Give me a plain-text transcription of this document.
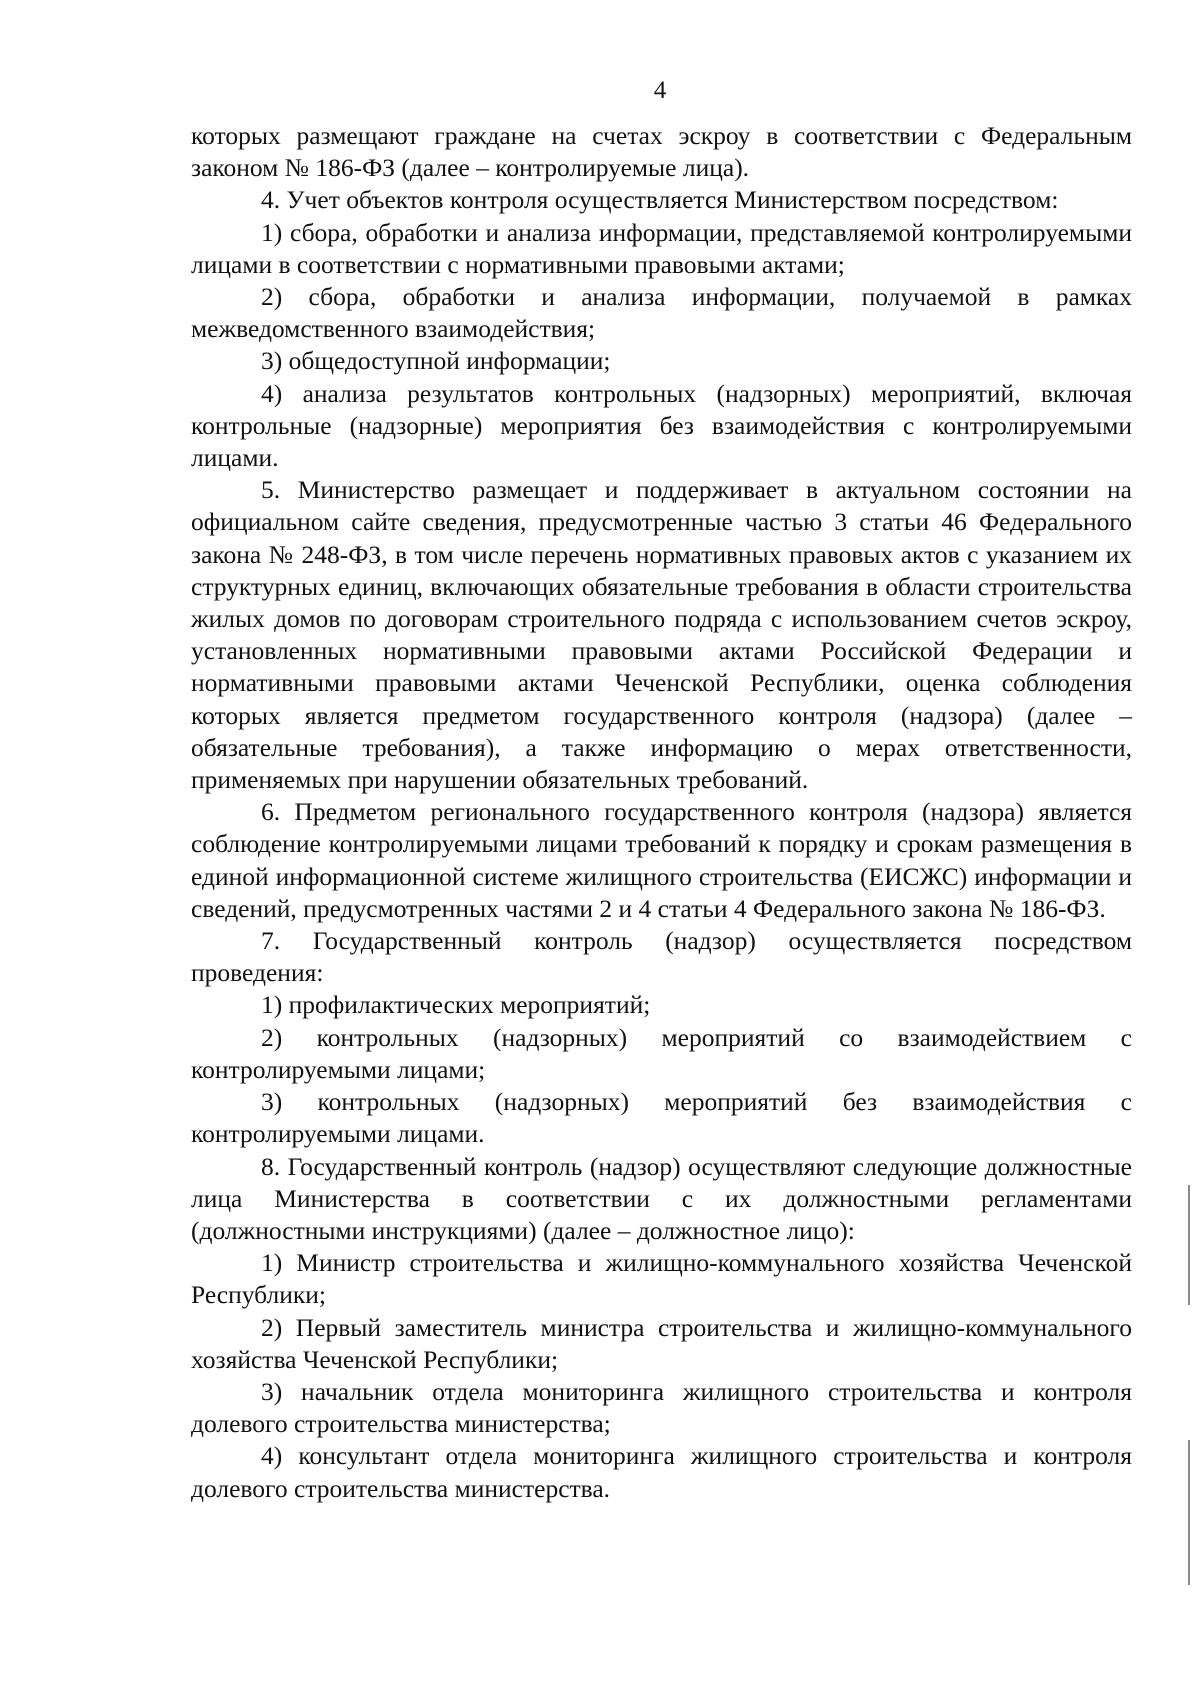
4

которых размещают граждане на счетах эскроу в соответствии с Федеральным законом № 186-ФЗ (далее – контролируемые лица).

4. Учет объектов контроля осуществляется Министерством посредством:

1) сбора, обработки и анализа информации, представляемой контролируемыми лицами в соответствии с нормативными правовыми актами;

2) сбора, обработки и анализа информации, получаемой в рамках межведомственного взаимодействия;

3) общедоступной информации;

4) анализа результатов контрольных (надзорных) мероприятий, включая контрольные (надзорные) мероприятия без взаимодействия с контролируемыми лицами.

5. Министерство размещает и поддерживает в актуальном состоянии на официальном сайте сведения, предусмотренные частью 3 статьи 46 Федерального закона № 248-ФЗ, в том числе перечень нормативных правовых актов с указанием их структурных единиц, включающих обязательные требования в области строительства жилых домов по договорам строительного подряда с использованием счетов эскроу, установленных нормативными правовыми актами Российской Федерации и нормативными правовыми актами Чеченской Республики, оценка соблюдения которых является предметом государственного контроля (надзора) (далее – обязательные требования), а также информацию о мерах ответственности, применяемых при нарушении обязательных требований.

6. Предметом регионального государственного контроля (надзора) является соблюдение контролируемыми лицами требований к порядку и срокам размещения в единой информационной системе жилищного строительства (ЕИСЖС) информации и сведений, предусмотренных частями 2 и 4 статьи 4 Федерального закона № 186-ФЗ.

7. Государственный контроль (надзор) осуществляется посредством проведения:

1) профилактических мероприятий;

2) контрольных (надзорных) мероприятий со взаимодействием с контролируемыми лицами;

3) контрольных (надзорных) мероприятий без взаимодействия с контролируемыми лицами.

8. Государственный контроль (надзор) осуществляют следующие должностные лица Министерства в соответствии с их должностными регламентами (должностными инструкциями) (далее – должностное лицо):

1) Министр строительства и жилищно-коммунального хозяйства Чеченской Республики;

2) Первый заместитель министра строительства и жилищно-коммунального хозяйства Чеченской Республики;

3) начальник отдела мониторинга жилищного строительства и контроля долевого строительства министерства;

4) консультант отдела мониторинга жилищного строительства и контроля долевого строительства министерства.
